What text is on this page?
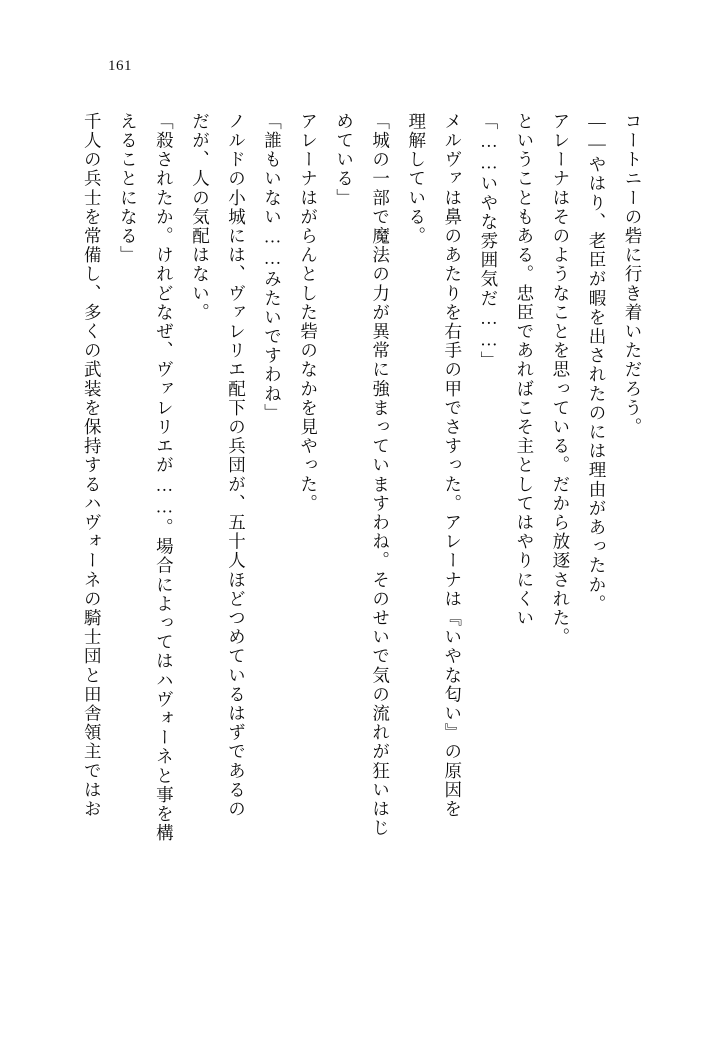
161

コートニーの砦に行き着いただろう。

――やはり、老臣が暇を出されたのには理由があったか。

アレーナはそのようなことを思っている。だから放逐された。

ということもある。忠臣であればこそ主としてはやりにくい

「……いやな雰囲気だ……」

メルヴァは鼻のあたりを右手の甲でさすった。アレーナは『いやな匂い』の原因を

理解している。

「城の一部で魔法の力が異常に強まっていますわね。そのせいで気の流れが狂いはじ

めている」

アレーナはがらんとした砦のなかを見やった。

「誰もいない……みたいですわね」

ノルドの小城には、ヴァレリエ配下の兵団が、五十人ほどつめているはずであるの

だが、人の気配はない。

「殺されたか。けれどなぜ、ヴァレリエが……。場合によってはハヴォーネと事を構

えることになる」

千人の兵士を常備し、多くの武装を保持するハヴォーネの騎士団と田舎領主ではお
